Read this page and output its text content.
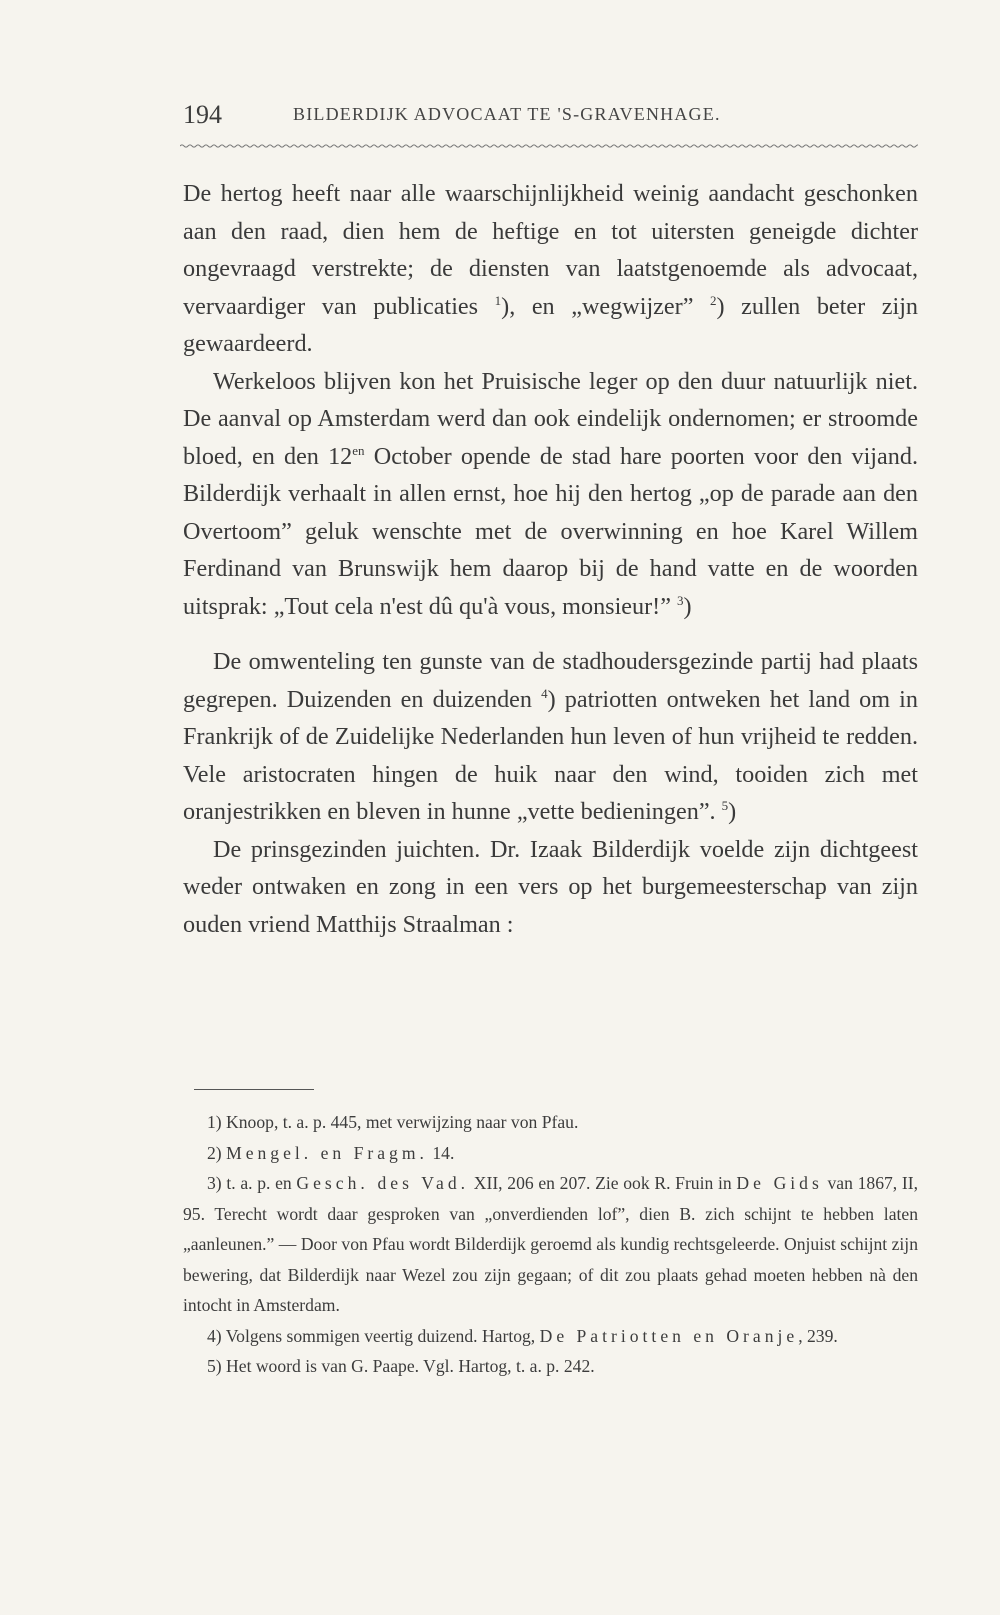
194	BILDERDIJK ADVOCAAT TE 'S-GRAVENHAGE.

De hertog heeft naar alle waarschijnlijkheid weinig aandacht geschonken aan den raad, dien hem de heftige en tot uitersten geneigde dichter ongevraagd verstrekte; de diensten van laatstgenoemde als advocaat, vervaardiger van publicaties $^1$), en „wegwijzer” $^2$) zullen beter zijn gewaardeerd.

Werkeloos blijven kon het Pruisische leger op den duur natuurlijk niet. De aanval op Amsterdam werd dan ook eindelijk ondernomen; er stroomde bloed, en den $12^{en}$ October opende de stad hare poorten voor den vijand. Bilderdijk verhaalt in allen ernst, hoe hij den hertog „op de parade aan den Overtoom” geluk wenschte met de overwinning en hoe Karel Willem Ferdinand van Brunswijk hem daarop bij de hand vatte en de woorden uitsprak: „Tout cela n'est dû qu'à vous, monsieur!” $^3$)

De omwenteling ten gunste van de stadhoudersgezinde partij had plaats gegrepen. Duizenden en duizenden $^4$) patriotten ontweken het land om in Frankrijk of de Zuidelijke Nederlanden hun leven of hun vrijheid te redden. Vele aristocraten hingen de huik naar den wind, tooiden zich met oranjestrikken en bleven in hunne „vette bedieningen”. $^5$)

De prinsgezinden juichten. Dr. Izaak Bilderdijk voelde zijn dichtgeest weder ontwaken en zong in een vers op het burgemeesterschap van zijn ouden vriend Matthijs Straalman :

1) Knoop, t. a. p. 445, met verwijzing naar von Pfau.

2) Mengel. en Fragm. 14.

3) t. a. p. en Gesch. des Vad. XII, 206 en 207. Zie ook R. Fruin in De Gids van 1867, II, 95. Terecht wordt daar gesproken van „onverdienden lof”, dien B. zich schijnt te hebben laten „aanleunen.” — Door von Pfau wordt Bilderdijk geroemd als kundig rechtsgeleerde. Onjuist schijnt zijn bewering, dat Bilderdijk naar Wezel zou zijn gegaan; of dit zou plaats gehad moeten hebben nà den intocht in Amsterdam.

4) Volgens sommigen veertig duizend. Hartog, De Patriotten en Oranje, 239.

5) Het woord is van G. Paape. Vgl. Hartog, t. a. p. 242.
